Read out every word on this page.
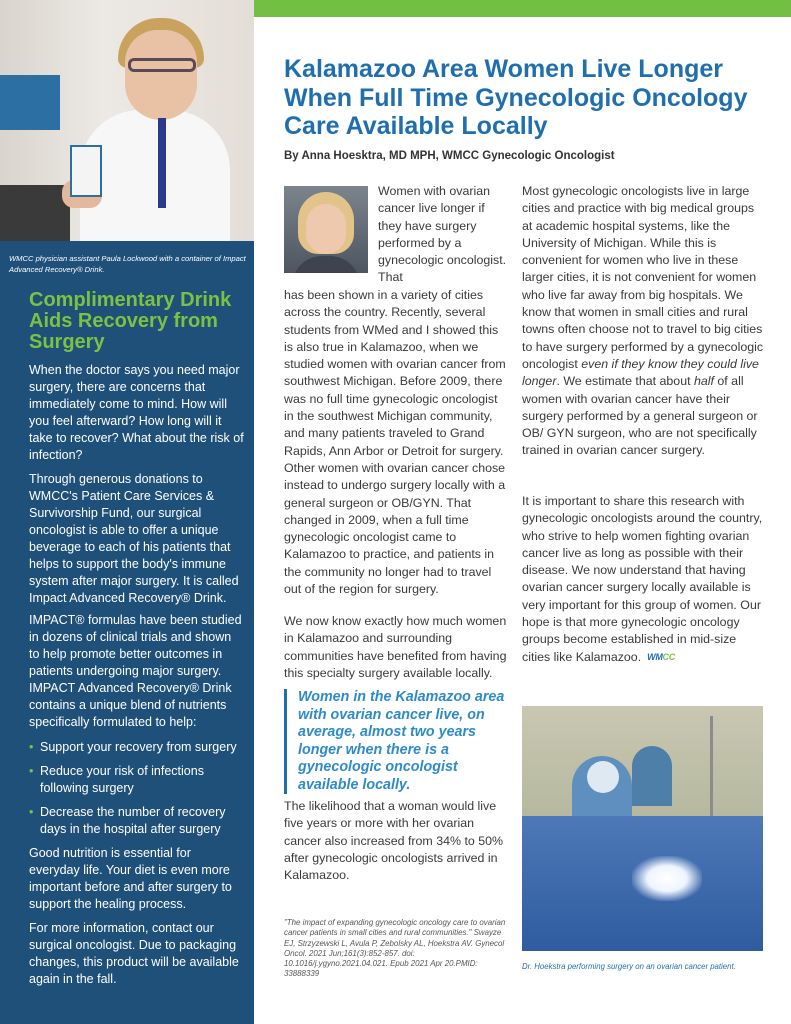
WMCC physician assistant Paula Lockwood with a container of Impact Advanced Recovery® Drink.
Complimentary Drink Aids Recovery from Surgery
When the doctor says you need major surgery, there are concerns that immediately come to mind. How will you feel afterward? How long will it take to recover? What about the risk of infection?
Through generous donations to WMCC's Patient Care Services & Survivorship Fund, our surgical oncologist is able to offer a unique beverage to each of his patients that helps to support the body's immune system after major surgery. It is called Impact Advanced Recovery® Drink.
IMPACT® formulas have been studied in dozens of clinical trials and shown to help promote better outcomes in patients undergoing major surgery. IMPACT Advanced Recovery® Drink contains a unique blend of nutrients specifically formulated to help:
• Support your recovery from surgery
• Reduce your risk of infections following surgery
• Decrease the number of recovery days in the hospital after surgery
Good nutrition is essential for everyday life. Your diet is even more important before and after surgery to support the healing process.
For more information, contact our surgical oncologist. Due to packaging changes, this product will be available again in the fall.
Kalamazoo Area Women Live Longer When Full Time Gynecologic Oncology Care Available Locally
By Anna Hoesktra, MD MPH, WMCC Gynecologic Oncologist
Women with ovarian cancer live longer if they have surgery performed by a gynecologic oncologist. That
has been shown in a variety of cities across the country. Recently, several students from WMed and I showed this is also true in Kalamazoo, when we studied women with ovarian cancer from southwest Michigan. Before 2009, there was no full time gynecologic oncologist in the southwest Michigan community, and many patients traveled to Grand Rapids, Ann Arbor or Detroit for surgery. Other women with ovarian cancer chose instead to undergo surgery locally with a general surgeon or OB/GYN. That changed in 2009, when a full time gynecologic oncologist came to Kalamazoo to practice, and patients in the community no longer had to travel out of the region for surgery.
We now know exactly how much women in Kalamazoo and surrounding communities have benefited from having this specialty surgery available locally.
Women in the Kalamazoo area with ovarian cancer live, on average, almost two years longer when there is a gynecologic oncologist available locally.
The likelihood that a woman would live five years or more with her ovarian cancer also increased from 34% to 50% after gynecologic oncologists arrived in Kalamazoo.
"The impact of expanding gynecologic oncology care to ovarian cancer patients in small cities and rural communities." Swayze EJ, Strzyzewski L, Avula P, Zebolsky AL, Hoekstra AV. Gynecol Oncol. 2021 Jun;161(3):852-857. doi: 10.1016/j.ygyno.2021.04.021. Epub 2021 Apr 20.PMID: 33888339
Most gynecologic oncologists live in large cities and practice with big medical groups at academic hospital systems, like the University of Michigan. While this is convenient for women who live in these larger cities, it is not convenient for women who live far away from big hospitals. We know that women in small cities and rural towns often choose not to travel to big cities to have surgery performed by a gynecologic oncologist even if they know they could live longer. We estimate that about half of all women with ovarian cancer have their surgery performed by a general surgeon or OB/ GYN surgeon, who are not specifically trained in ovarian cancer surgery.
It is important to share this research with gynecologic oncologists around the country, who strive to help women fighting ovarian cancer live as long as possible with their disease. We now understand that having ovarian cancer surgery locally available is very important for this group of women. Our hope is that more gynecologic oncology groups become established in mid-size cities like Kalamazoo. WMCC
Dr. Hoekstra performing surgery on an ovarian cancer patient.
